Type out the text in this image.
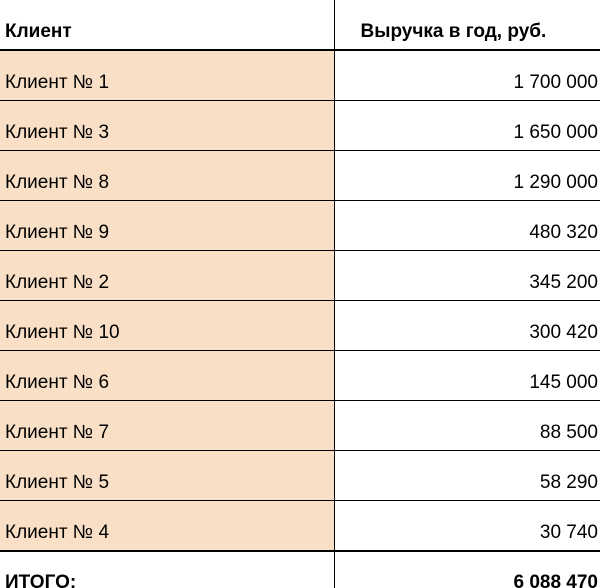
Клиент	Выручка в год, руб.
Клиент № 1	1 700 000
Клиент № 3	1 650 000
Клиент № 8	1 290 000
Клиент № 9	480 320
Клиент № 2	345 200
Клиент № 10	300 420
Клиент № 6	145 000
Клиент № 7	88 500
Клиент № 5	58 290
Клиент № 4	30 740
ИТОГО:	6 088 470
